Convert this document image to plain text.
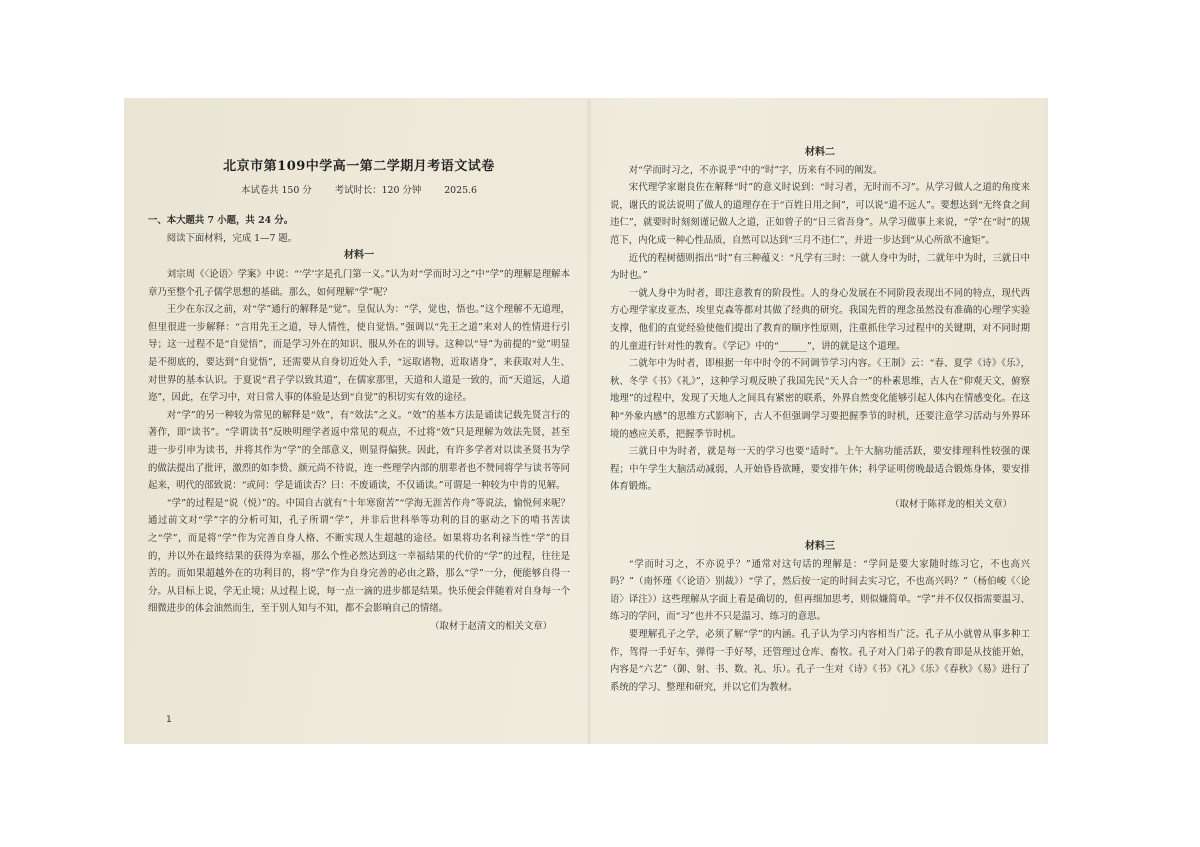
北京市第109中学高一第二学期月考语文试卷
本试卷共 150 分 考试时长：120 分钟 2025.6
一、本大题共 7 小题，共 24 分。

阅读下面材料，完成 1—7 题。

材料一

刘宗周《〈论语〉学案》中说：“‘学’字是孔门第一义。”认为对“学而时习之”中“学”的理解是理解本章乃至整个孔子儒学思想的基础。那么，如何理解“学”呢？

王少在东汉之前，对“学”通行的解释是“觉”。皇侃认为：“学，觉也，悟也。”这个理解不无道理，但里很进一步解释：“言用先王之道，导人情性，使自觉悟。”强调以“先王之道”来对人的性情进行引导；这一过程不是“自觉悟”，而是学习外在的知识、服从外在的训导。这种以“导”为前提的“觉”明显是不彻底的，要达到“自觉悟”，还需要从自身切近处入手，“远取诸物，近取诸身”，来获取对人生、对世界的基本认识。于夏说“君子学以致其道”，在儒家那里，天道和人道是一致的，而“天道远，人道迩”，因此，在学习中，对日常人事的体验是达到“自觉”的积切实有效的途径。

对“学”的另一种较为常见的解释是“效”，有“效法”之义。“效”的基本方法是诵读记载先贤言行的著作，即“读书”。“学谓读书”反映明理学者返中常见的观点，不过将“效”只是理解为效法先贤，甚至进一步引申为读书，并将其作为“学”的全部意义，则显得偏狭。因此，有许多学者对以读圣贤书为学的做法提出了批评，激烈的如李贽、颜元尚不待说，连一些理学内部的朋辈者也不赞同将学与读书等同起来，明代的邵致说：“或问：学是诵读否？曰：不废诵读，不仅诵读。”可谓是一种较为中肯的见解。

“学”的过程是“说（悦）”的。中国自古就有“十年寒窗苦”“学海无涯苦作舟”等说法，愉悦何来呢？通过前文对“学”字的分析可知，孔子所谓“学”，并非后世科举等功利的目的驱动之下的啃书苦读之“学”，而是将“学”作为完善自身人格、不断实现人生超越的途径。如果将功名利禄当性“学”的目的，并以外在最终结果的获得为幸福，那么个性必然达到这一幸福结果的代价的“学”的过程，往往是苦的。而如果超越外在的功利目的，将“学”作为自身完善的必由之路，那么“学”一分，便能够自得一分。从目标上说，学无止境；从过程上说，每一点一滴的进步都是结果。快乐便会伴随着对自身每一个细微进步的体会油然而生，至于别人知与不知，都不会影响自己的情绪。

（取材于赵清文的相关文章）
1
材料二

对“学而时习之，不亦说乎”中的“时”字，历来有不同的阐发。

宋代理学家谢良佐在解释“时”的意义时说到：“时习者，无时而不习”。从学习做人之道的角度来说，谢氏的说法说明了做人的道理存在于“百姓日用之间”，可以说“道不远人”。要想达到“无终食之间违仁”，就要时时刻刻谨记做人之道，正如曾子的“日三省吾身”。从学习做事上来说，“学”在“时”的规范下，内化成一种心性品质，自然可以达到“三月不违仁”，并进一步达到“从心所欲不逾矩”。

近代的程树德则指出“时”有三种蕴义：“凡学有三时：一就人身中为时，二就年中为时，三就日中为时也。”

一就人身中为时者，即注意教育的阶段性。人的身心发展在不同阶段表现出不同的特点，现代西方心理学家皮亚杰、埃里克森等都对其做了经典的研究。我国先哲的理念虽然没有准确的心理学实验支撑，他们的直觉经验使他们提出了教育的顺序性原则，注重抓住学习过程中的关键期，对不同时期的儿童进行针对性的教育。《学记》中的“______”，讲的就是这个道理。

二就年中为时者，即根据一年中时令的不同调节学习内容。《王制》云：“春、夏学《诗》《乐》，秋、冬学《书》《礼》”，这种学习观反映了我国先民“天人合一”的朴素思维，古人在“仰观天文，俯察地理”的过程中，发现了天地人之间具有紧密的联系，外界自然变化能够引起人体内在情感变化。在这种“外象内感”的思维方式影响下，古人不但强调学习要把握季节的时机，还要注意学习活动与外界环境的感应关系，把握季节时机。

三就日中为时者，就是每一天的学习也要“适时”。上午大脑功能活跃，要安排理科性较强的课程；中午学生大脑活动减弱，人开始昏昏欲睡，要安排午休；科学证明傍晚最适合锻炼身体，要安排体育锻炼。

（取材于陈祥龙的相关文章）
材料三

“学而时习之，不亦说乎？”通常对这句话的理解是：“学问是要大家随时练习它，不也高兴吗？”（南怀瑾《〈论语〉别裁》）“学了，然后按一定的时间去实习它，不也高兴吗？”（杨伯峻《〈论语〉译注》）这些理解从字面上看是确切的，但再细加思考，则似嫌简单。“学”并不仅仅指需要温习、练习的学问，而“习”也并不只是温习、练习的意思。

要理解孔子之学，必须了解“学”的内涵。孔子认为学习内容相当广泛。孔子从小就曾从事多种工作，驾得一手好车，弹得一手好琴，还管理过仓库、畜牧。孔子对入门弟子的教育即是从技能开始，内容是“六艺”（御、射、书、数、礼、乐）。孔子一生对《诗》《书》《礼》《乐》《春秋》《易》进行了系统的学习、整理和研究，并以它们为教材。
